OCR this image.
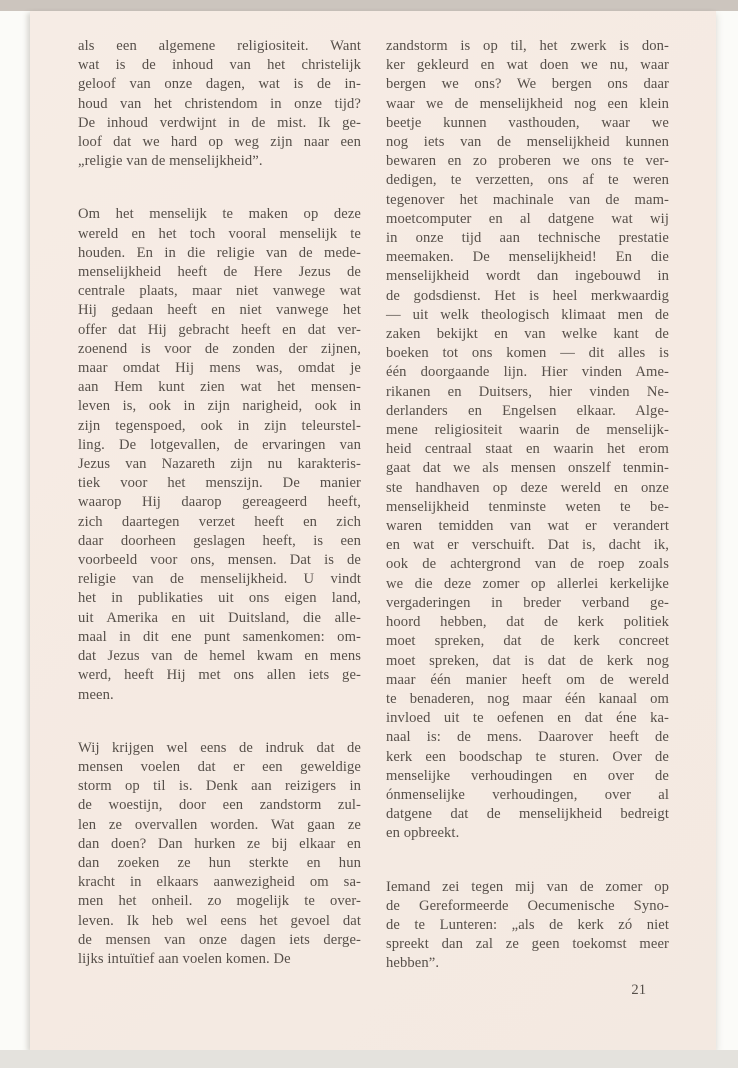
als een algemene religiositeit. Want
wat is de inhoud van het christelijk
geloof van onze dagen, wat is de in-
houd van het christendom in onze tijd?
De inhoud verdwijnt in de mist. Ik ge-
loof dat we hard op weg zijn naar een
„religie van de menselijkheid”.
Om het menselijk te maken op deze
wereld en het toch vooral menselijk te
houden. En in die religie van de mede-
menselijkheid heeft de Here Jezus de
centrale plaats, maar niet vanwege wat
Hij gedaan heeft en niet vanwege het
offer dat Hij gebracht heeft en dat ver-
zoenend is voor de zonden der zijnen,
maar omdat Hij mens was, omdat je
aan Hem kunt zien wat het mensen-
leven is, ook in zijn narigheid, ook in
zijn tegenspoed, ook in zijn teleurstel-
ling. De lotgevallen, de ervaringen van
Jezus van Nazareth zijn nu karakteris-
tiek voor het menszijn. De manier
waarop Hij daarop gereageerd heeft,
zich daartegen verzet heeft en zich
daar doorheen geslagen heeft, is een
voorbeeld voor ons, mensen. Dat is de
religie van de menselijkheid. U vindt
het in publikaties uit ons eigen land,
uit Amerika en uit Duitsland, die alle-
maal in dit ene punt samenkomen: om-
dat Jezus van de hemel kwam en mens
werd, heeft Hij met ons allen iets ge-
meen.
Wij krijgen wel eens de indruk dat de
mensen voelen dat er een geweldige
storm op til is. Denk aan reizigers in
de woestijn, door een zandstorm zul-
len ze overvallen worden. Wat gaan ze
dan doen? Dan hurken ze bij elkaar en
dan zoeken ze hun sterkte en hun
kracht in elkaars aanwezigheid om sa-
men het onheil. zo mogelijk te over-
leven. Ik heb wel eens het gevoel dat
de mensen van onze dagen iets derge-
lijks intuïtief aan voelen komen. De
zandstorm is op til, het zwerk is don-
ker gekleurd en wat doen we nu, waar
bergen we ons? We bergen ons daar
waar we de menselijkheid nog een klein
beetje kunnen vasthouden, waar we
nog iets van de menselijkheid kunnen
bewaren en zo proberen we ons te ver-
dedigen, te verzetten, ons af te weren
tegenover het machinale van de mam-
moetcomputer en al datgene wat wij
in onze tijd aan technische prestatie
meemaken. De menselijkheid! En die
menselijkheid wordt dan ingebouwd in
de godsdienst. Het is heel merkwaardig
— uit welk theologisch klimaat men de
zaken bekijkt en van welke kant de
boeken tot ons komen — dit alles is
één doorgaande lijn. Hier vinden Ame-
rikanen en Duitsers, hier vinden Ne-
derlanders en Engelsen elkaar. Alge-
mene religiositeit waarin de menselijk-
heid centraal staat en waarin het erom
gaat dat we als mensen onszelf tenmin-
ste handhaven op deze wereld en onze
menselijkheid tenminste weten te be-
waren temidden van wat er verandert
en wat er verschuift. Dat is, dacht ik,
ook de achtergrond van de roep zoals
we die deze zomer op allerlei kerkelijke
vergaderingen in breder verband ge-
hoord hebben, dat de kerk politiek
moet spreken, dat de kerk concreet
moet spreken, dat is dat de kerk nog
maar één manier heeft om de wereld
te benaderen, nog maar één kanaal om
invloed uit te oefenen en dat éne ka-
naal is: de mens. Daarover heeft de
kerk een boodschap te sturen. Over de
menselijke verhoudingen en over de
ónmenselijke verhoudingen, over al
datgene dat de menselijkheid bedreigt
en opbreekt.
Iemand zei tegen mij van de zomer op
de Gereformeerde Oecumenische Syno-
de te Lunteren: „als de kerk zó niet
spreekt dan zal ze geen toekomst meer
hebben”.
21
